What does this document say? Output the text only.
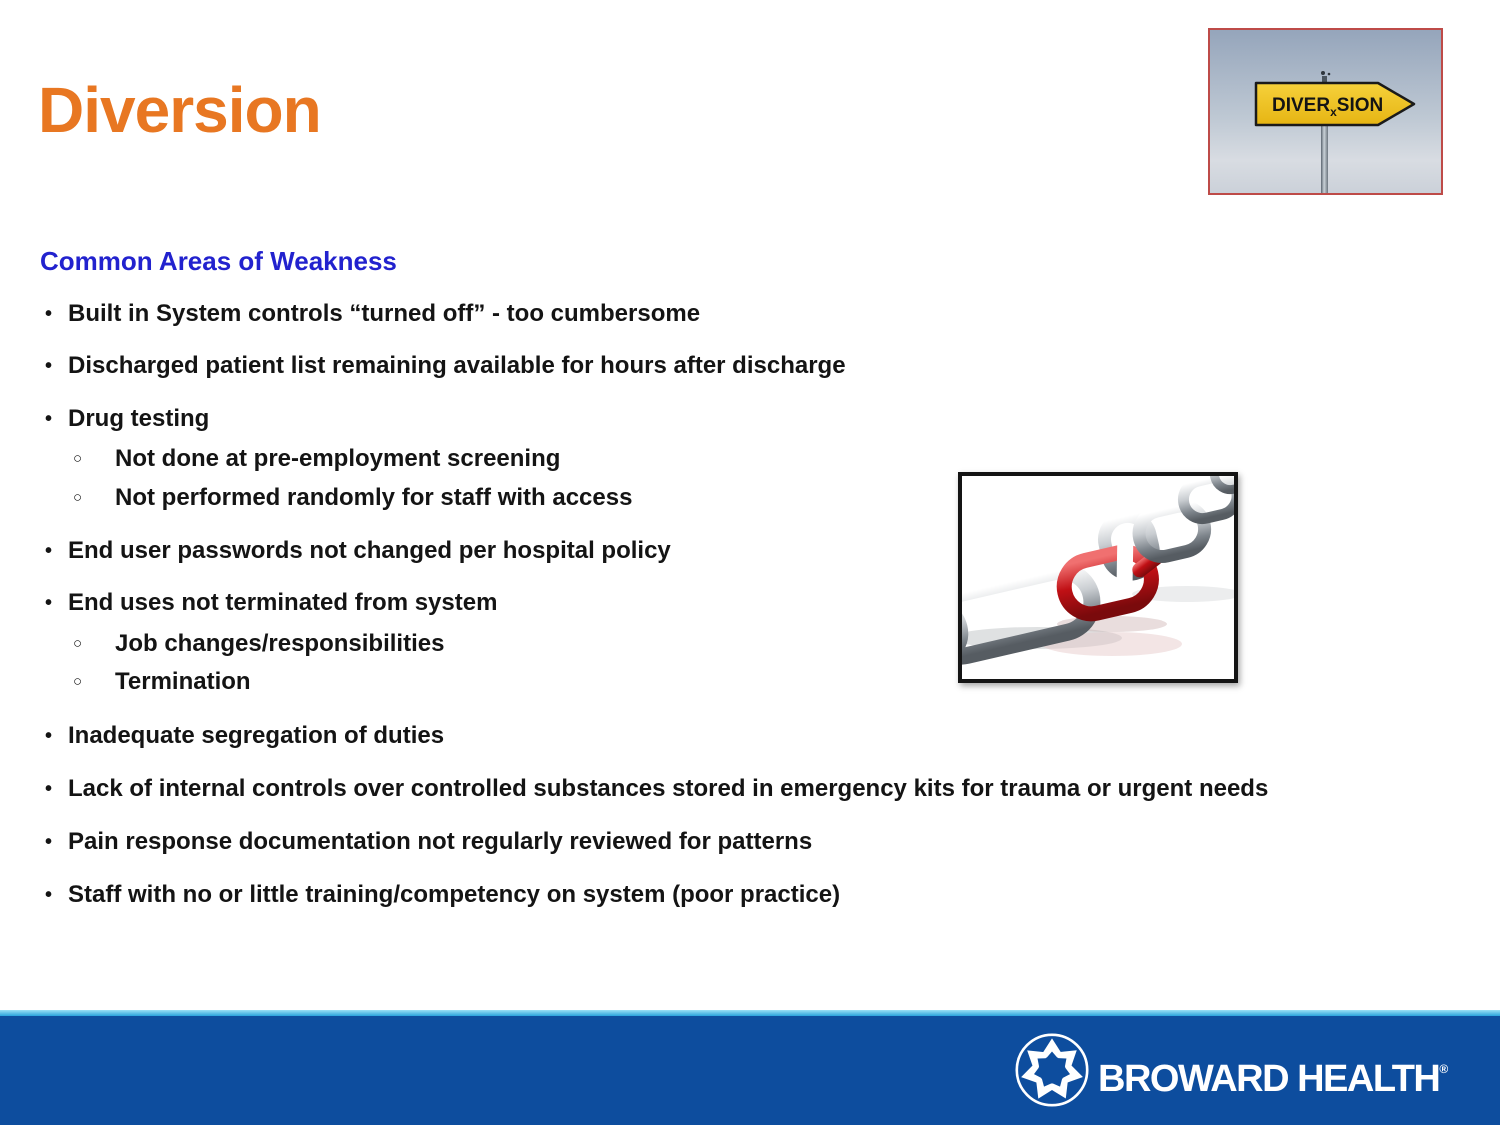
Diversion	$DIVER_xSION$
Common Areas of Weakness
• Built in System controls “turned off” - too cumbersome
• Discharged patient list remaining available for hours after discharge
• Drug testing
○	Not done at pre-employment screening
○	Not performed randomly for staff with access
• End user passwords not changed per hospital policy
• End uses not terminated from system
○	Job changes/responsibilities
○	Termination
• Inadequate segregation of duties
• Lack of internal controls over controlled substances stored in emergency kits for trauma or urgent needs
• Pain response documentation not regularly reviewed for patterns
• Staff with no or little training/competency on system (poor practice)
BROWARD HEALTH®
